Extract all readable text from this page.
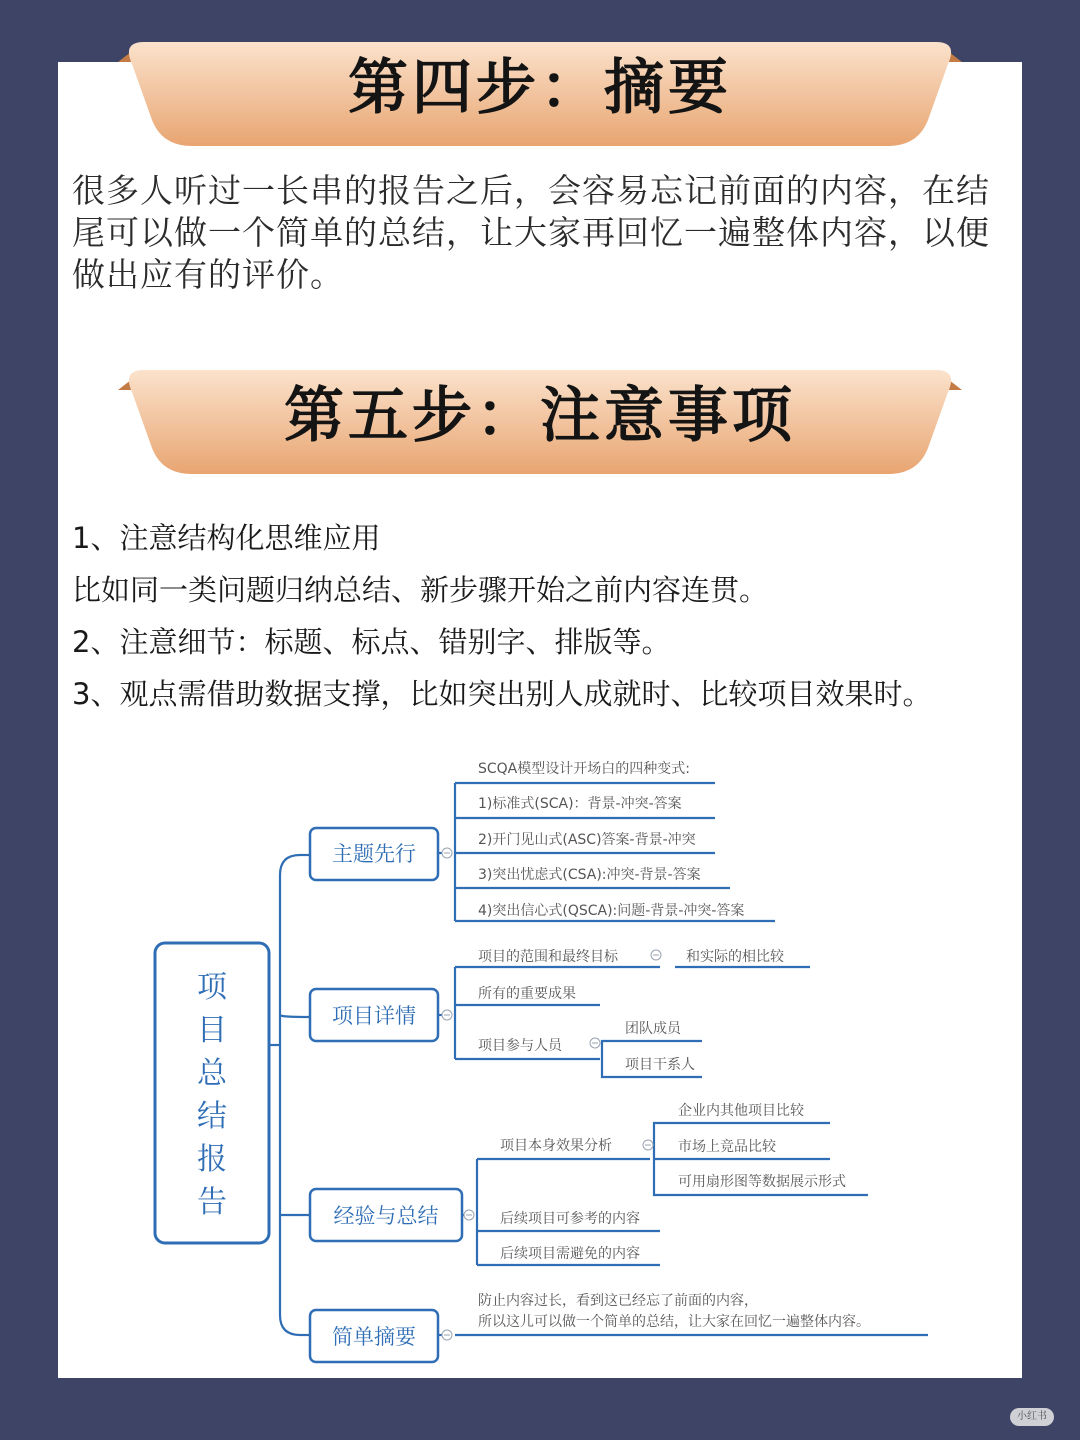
第四步：摘要

很多人听过一长串的报告之后，会容易忘记前面的内容，在结尾可以做一个简单的总结，让大家再回忆一遍整体内容，以便做出应有的评价。

第五步：注意事项
1、注意结构化思维应用
比如同一类问题归纳总结、新步骤开始之前内容连贯。
2、注意细节：标题、标点、错别字、排版等。
3、观点需借助数据支撑，比如突出别人成就时、比较项目效果时。
项
目
总
结
报
告
主题先行
项目详情
经验与总结
简单摘要
SCQA模型设计开场白的四种变式:
1)标准式(SCA)：背景-冲突-答案
2)开门见山式(ASC)答案-背景-冲突
3)突出忧虑式(CSA):冲突-背景-答案
4)突出信心式(QSCA):问题-背景-冲突-答案
项目的范围和最终目标	和实际的相比较
所有的重要成果
项目参与人员
团队成员
项目干系人
项目本身效果分析
企业内其他项目比较
市场上竞品比较
可用扇形图等数据展示形式
后续项目可参考的内容
后续项目需避免的内容
防止内容过长，看到这已经忘了前面的内容，
所以这儿可以做一个简单的总结，让大家在回忆一遍整体内容。
小红书
